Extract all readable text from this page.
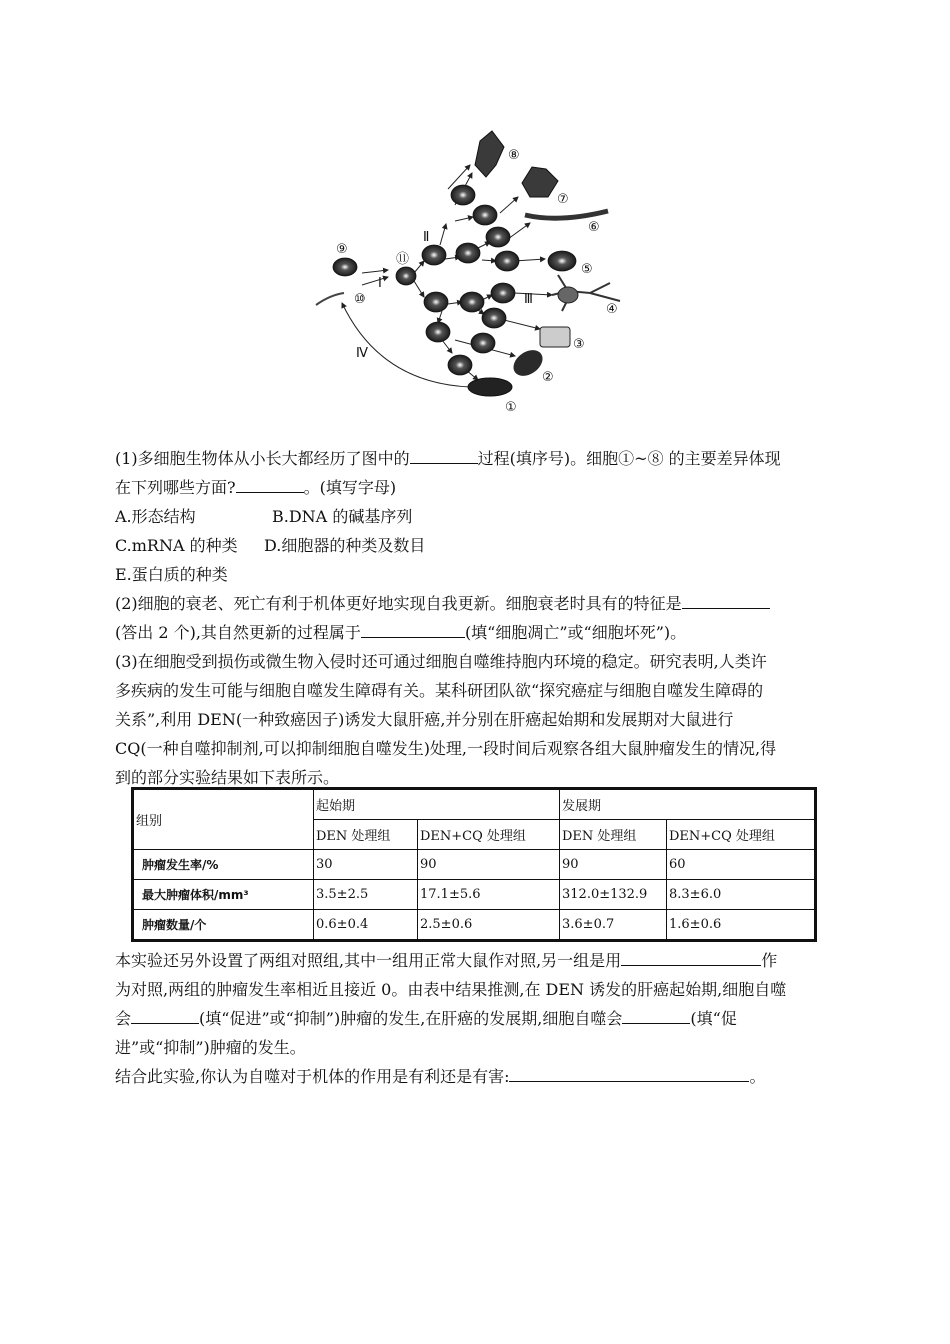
①
②
③
④
⑤
⑥
⑦
⑧
⑨
⑩
⑪
Ⅰ
Ⅱ
Ⅲ
Ⅳ
(1)多细胞生物体从小长大都经历了图中的	过程(填序号)。细胞①~⑧ 的主要差异体现
在下列哪些方面?	。(填写字母)
A.形态结构	B.DNA 的碱基序列
C.mRNA 的种类 D.细胞器的种类及数目
E.蛋白质的种类
(2)细胞的衰老、死亡有利于机体更好地实现自我更新。细胞衰老时具有的特征是
(答出 2 个),其自然更新的过程属于	(填“细胞凋亡”或“细胞坏死”)。
(3)在细胞受到损伤或微生物入侵时还可通过细胞自噬维持胞内环境的稳定。研究表明,人类许
多疾病的发生可能与细胞自噬发生障碍有关。某科研团队欲“探究癌症与细胞自噬发生障碍的
关系”,利用 DEN(一种致癌因子)诱发大鼠肝癌,并分别在肝癌起始期和发展期对大鼠进行
CQ(一种自噬抑制剂,可以抑制细胞自噬发生)处理,一段时间后观察各组大鼠肿瘤发生的情况,得
到的部分实验结果如下表所示。
组别	起始期		发展期	
	DEN 处理组	DEN+CQ 处理组	DEN 处理组	DEN+CQ 处理组
肿瘤发生率/%	30	90	90	60
最大肿瘤体积/mm³	3.5±2.5	17.1±5.6	312.0±132.9	8.3±6.0
肿瘤数量/个	0.6±0.4	2.5±0.6	3.6±0.7	1.6±0.6
本实验还另外设置了两组对照组,其中一组用正常大鼠作对照,另一组是用	作
为对照,两组的肿瘤发生率相近且接近 0。由表中结果推测,在 DEN 诱发的肝癌起始期,细胞自噬
会	(填“促进”或“抑制”)肿瘤的发生,在肝癌的发展期,细胞自噬会	(填“促
进”或“抑制”)肿瘤的发生。
结合此实验,你认为自噬对于机体的作用是有利还是有害:	。
